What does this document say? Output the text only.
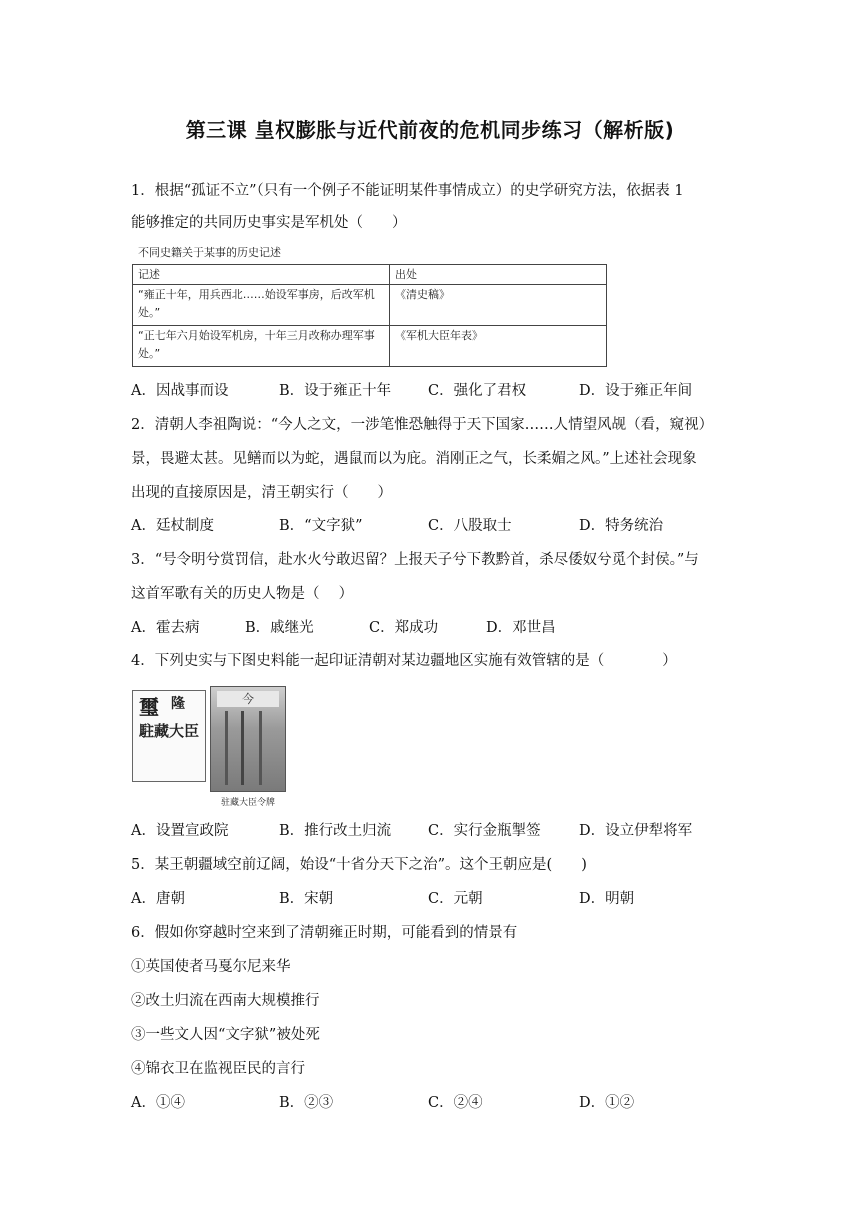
第三课 皇权膨胀与近代前夜的危机同步练习（解析版)
1．根据“孤证不立”（只有一个例子不能证明某件事情成立）的史学研究方法，依据表 1
能够推定的共同历史事实是军机处（　　）
不同史籍关于某事的历史记述
记述	出处

“雍正十年，用兵西北……始设军事房，后改军机
处。”	《清史稿》

“正七年六月始设军机房，十年三月改称办理军事
处。”	《军机大臣年表》
A．因战事而设	B．设于雍正十年	C．强化了君权	D．设于雍正年间
2．清朝人李祖陶说：“今人之文，一涉笔惟恐触得于天下国家……人情望风觇（看，窥视）
景，畏避太甚。见鳝而以为蛇，遇鼠而以为庇。消刚正之气，长柔媚之风。”上述社会现象
出现的直接原因是，清王朝实行（　　）
A．廷杖制度	B．“文字狱”	C．八股取士	D．特务统治
3．“号令明兮赏罚信，赴水火兮敢迟留？上报天子兮下教黔首，杀尽倭奴兮觅个封侯。”与
这首军歌有关的历史人物是（　 ）
A．霍去病	B．戚继光	C．郑成功	D．邓世昌
4．下列史实与下图史料能一起印证清朝对某边疆地区实施有效管辖的是（　　　　）
璽 隆
駐藏大臣
今
驻藏大臣令牌
A．设置宣政院	B．推行改土归流	C．实行金瓶掣签	D．设立伊犁将军
5．某王朝疆域空前辽阔，始设“十省分天下之治”。这个王朝应是(　　)
A．唐朝	B．宋朝	C．元朝	D．明朝
6．假如你穿越时空来到了清朝雍正时期，可能看到的情景有
①英国使者马戛尔尼来华
②改土归流在西南大规模推行
③一些文人因“文字狱”被处死
④锦衣卫在监视臣民的言行
A．①④	B．②③	C．②④	D．①②
